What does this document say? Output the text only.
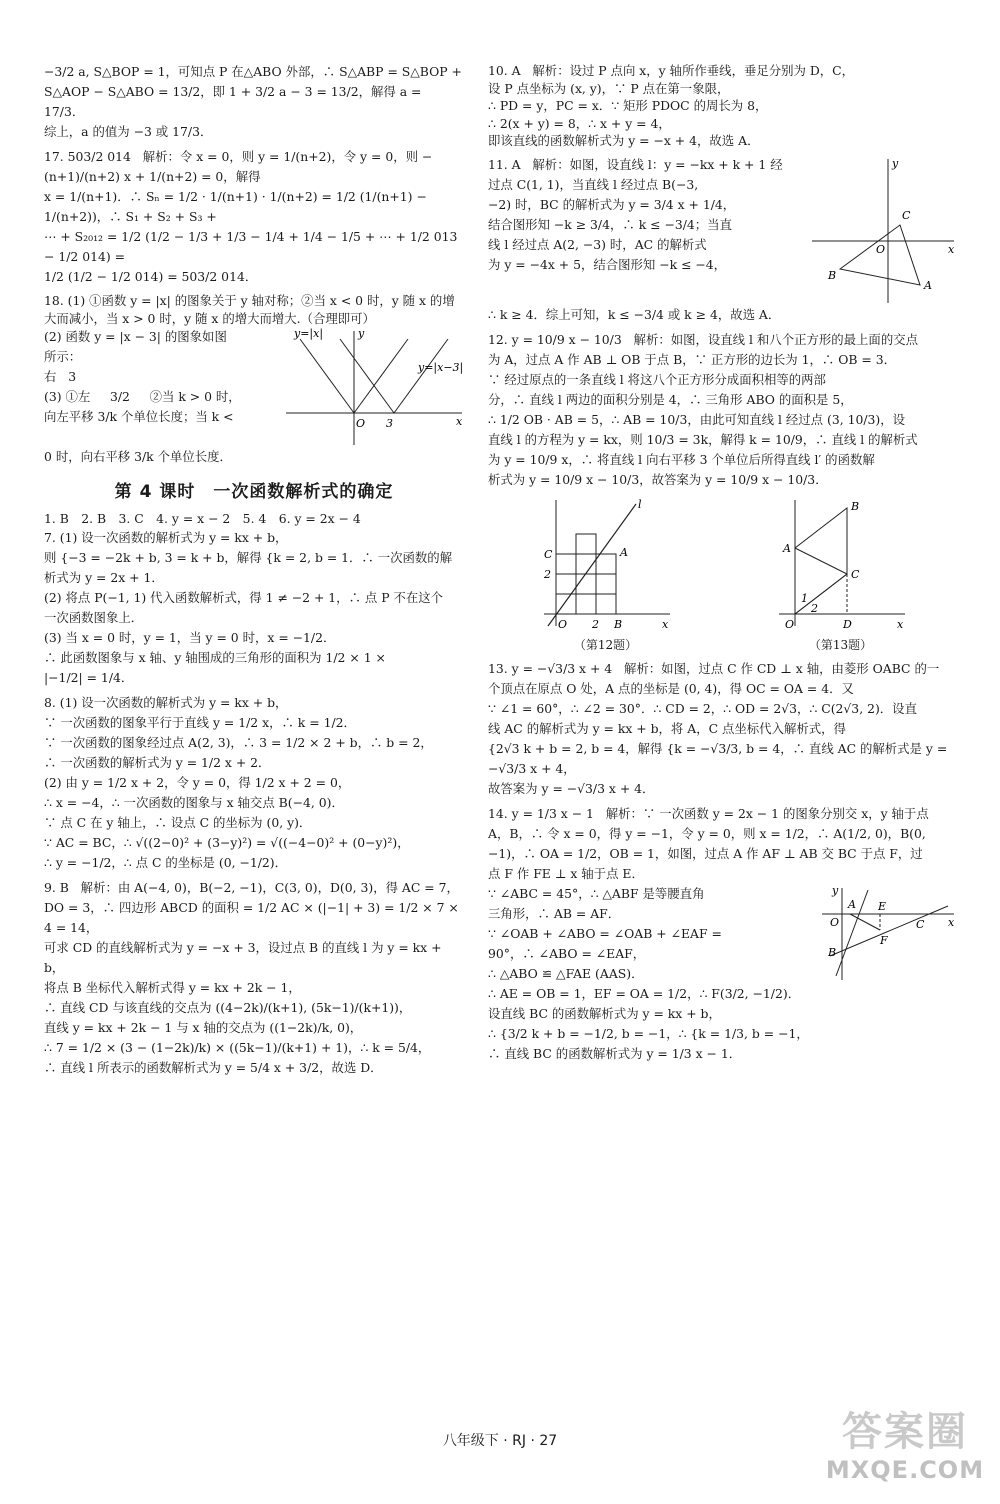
−3/2 a, S△BOP = 1，可知点 P 在△ABO 外部，∴ S△ABP = S△BOP +
S△AOP − S△ABO = 13/2，即 1 + 3/2 a − 3 = 13/2，解得 a = 17/3．
综上，a 的值为 −3 或 17/3．
17. 503/2 014   解析：令 x = 0，则 y = 1/(n+2)，令 y = 0，则 −(n+1)/(n+2) x + 1/(n+2) = 0，解得
x = 1/(n+1)．∴ Sₙ = 1/2 · 1/(n+1) · 1/(n+2) = 1/2 (1/(n+1) − 1/(n+2))，∴ S₁ + S₂ + S₃ +
⋯ + S₂₀₁₂ = 1/2 (1/2 − 1/3 + 1/3 − 1/4 + 1/4 − 1/5 + ⋯ + 1/2 013 − 1/2 014) =
1/2 (1/2 − 1/2 014) = 503/2 014．
18. (1) ①函数 y = |x| 的图象关于 y 轴对称；②当 x < 0 时，y 随 x 的增
大而减小，当 x > 0 时，y 随 x 的增大而增大.（合理即可）
(2) 函数 y = |x − 3| 的图象如图
所示：
右   3
(3) ①左     3/2     ②当 k > 0 时，
向左平移 3/k 个单位长度；当 k <
y=|x|
y=|x−3|
O 3	x
y
0 时，向右平移 3/k 个单位长度．
第 4 课时　一次函数解析式的确定
1. B　2. B　3. C　4. y = x − 2　5. 4　6. y = 2x − 4
7. (1) 设一次函数的解析式为 y = kx + b，
则 {−3 = −2k + b, 3 = k + b，解得 {k = 2, b = 1．∴ 一次函数的解析式为 y = 2x + 1．
(2) 将点 P(−1, 1) 代入函数解析式，得 1 ≠ −2 + 1，∴ 点 P 不在这个
一次函数图象上．
(3) 当 x = 0 时，y = 1，当 y = 0 时，x = −1/2．
∴ 此函数图象与 x 轴、y 轴围成的三角形的面积为 1/2 × 1 ×
|−1/2| = 1/4．
8. (1) 设一次函数的解析式为 y = kx + b，
∵ 一次函数的图象平行于直线 y = 1/2 x，∴ k = 1/2．
∵ 一次函数的图象经过点 A(2, 3)，∴ 3 = 1/2 × 2 + b，∴ b = 2，
∴ 一次函数的解析式为 y = 1/2 x + 2．
(2) 由 y = 1/2 x + 2，令 y = 0，得 1/2 x + 2 = 0，
∴ x = −4，∴ 一次函数的图象与 x 轴交点 B(−4, 0)．
∵ 点 C 在 y 轴上，∴ 设点 C 的坐标为 (0, y)．
∵ AC = BC，∴ √((2−0)² + (3−y)²) = √((−4−0)² + (0−y)²)，
∴ y = −1/2，∴ 点 C 的坐标是 (0, −1/2)．
9. B   解析：由 A(−4, 0)，B(−2, −1)，C(3, 0)，D(0, 3)，得 AC = 7，
DO = 3，∴ 四边形 ABCD 的面积 = 1/2 AC × (|−1| + 3) = 1/2 × 7 × 4 = 14，
可求 CD 的直线解析式为 y = −x + 3，设过点 B 的直线 l 为 y = kx + b，
将点 B 坐标代入解析式得 y = kx + 2k − 1，
∴ 直线 CD 与该直线的交点为 ((4−2k)/(k+1), (5k−1)/(k+1))，
直线 y = kx + 2k − 1 与 x 轴的交点为 ((1−2k)/k, 0)，
∴ 7 = 1/2 × (3 − (1−2k)/k) × ((5k−1)/(k+1) + 1)，∴ k = 5/4，
∴ 直线 l 所表示的函数解析式为 y = 5/4 x + 3/2，故选 D．
10. A   解析：设过 P 点向 x，y 轴所作垂线，垂足分别为 D，C，
设 P 点坐标为 (x, y)，∵ P 点在第一象限，
∴ PD = y，PC = x．∵ 矩形 PDOC 的周长为 8，
∴ 2(x + y) = 8，∴ x + y = 4，
即该直线的函数解析式为 y = −x + 4，故选 A．
11. A   解析：如图，设直线 l：y = −kx + k + 1 经
过点 C(1, 1)，当直线 l 经过点 B(−3,
−2) 时，BC 的解析式为 y = 3/4 x + 1/4，
结合图形知 −k ≥ 3/4，∴ k ≤ −3/4；当直
线 l 经过点 A(2, −3) 时，AC 的解析式
为 y = −4x + 5，结合图形知 −k ≤ −4，
C
B
A
O	x
y
∴ k ≥ 4．综上可知，k ≤ −3/4 或 k ≥ 4，故选 A．
12. y = 10/9 x − 10/3   解析：如图，设直线 l 和八个正方形的最上面的交点
为 A，过点 A 作 AB ⊥ OB 于点 B，∵ 正方形的边长为 1，∴ OB = 3．
∵ 经过原点的一条直线 l 将这八个正方形分成面积相等的两部
分，∴ 直线 l 两边的面积分别是 4，∴ 三角形 ABO 的面积是 5，
∴ 1/2 OB · AB = 5，∴ AB = 10/3，由此可知直线 l 经过点 (3, 10/3)，设
直线 l 的方程为 y = kx，则 10/3 = 3k，解得 k = 10/9，∴ 直线 l 的解析式
为 y = 10/9 x，∴ 将直线 l 向右平移 3 个单位后所得直线 l′ 的函数解
析式为 y = 10/9 x − 10/3，故答案为 y = 10/9 x − 10/3．
C
2
A
l
O 2 B	x
（第12题）
A
B
C
D
O
1
2
x
（第13题）
13. y = −√3/3 x + 4   解析：如图，过点 C 作 CD ⊥ x 轴，由菱形 OABC 的一
个顶点在原点 O 处，A 点的坐标是 (0, 4)，得 OC = OA = 4．又
∵ ∠1 = 60°，∴ ∠2 = 30°．∴ CD = 2，∴ OD = 2√3，∴ C(2√3, 2)．设直
线 AC 的解析式为 y = kx + b，将 A，C 点坐标代入解析式，得
{2√3 k + b = 2, b = 4，解得 {k = −√3/3, b = 4，∴ 直线 AC 的解析式是 y = −√3/3 x + 4，
故答案为 y = −√3/3 x + 4．
14. y = 1/3 x − 1   解析：∵ 一次函数 y = 2x − 1 的图象分别交 x，y 轴于点
A，B，∴ 令 x = 0，得 y = −1，令 y = 0，则 x = 1/2，∴ A(1/2, 0)，B(0,
−1)，∴ OA = 1/2，OB = 1，如图，过点 A 作 AF ⊥ AB 交 BC 于点 F，过
点 F 作 FE ⊥ x 轴于点 E．
∵ ∠ABC = 45°，∴ △ABF 是等腰直角
三角形，∴ AB = AF．
∵ ∠OAB + ∠ABO = ∠OAB + ∠EAF =
90°，∴ ∠ABO = ∠EAF，
∴ △ABO ≌ △FAE (AAS)．
O
A E
C
F
B
x
y
∴ AE = OB = 1，EF = OA = 1/2，∴ F(3/2, −1/2)．
设直线 BC 的函数解析式为 y = kx + b，
∴ {3/2 k + b = −1/2, b = −1，∴ {k = 1/3, b = −1，
∴ 直线 BC 的函数解析式为 y = 1/3 x − 1．
八年级下 · RJ · 27	答案圈
MXQE.COM
